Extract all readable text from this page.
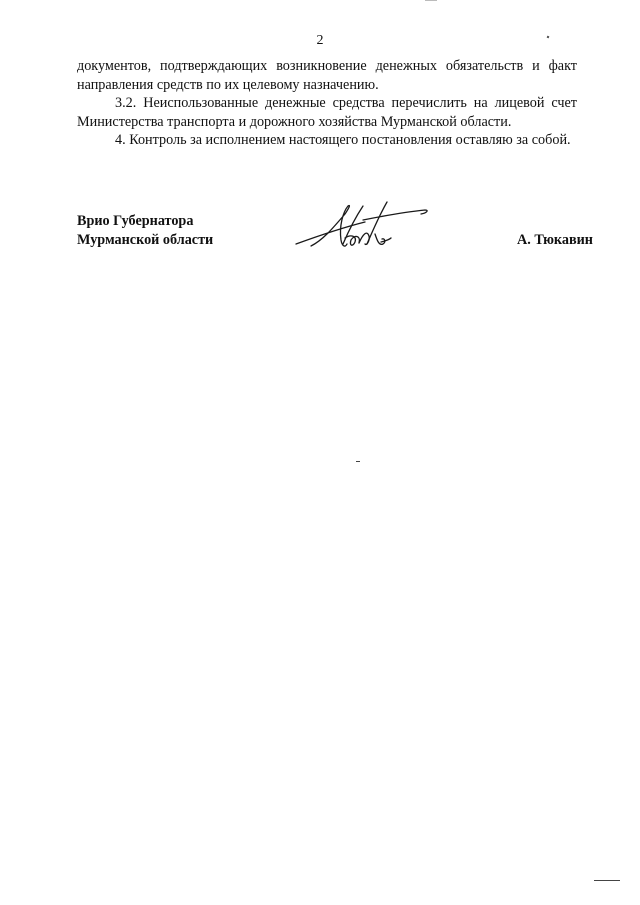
2

документов, подтверждающих возникновение денежных обязательств и факт направления средств по их целевому назначению.

3.2. Неиспользованные денежные средства перечислить на лицевой счет Министерства транспорта и дорожного хозяйства Мурманской области.

4. Контроль за исполнением настоящего постановления оставляю за собой.

Врио Губернатора
Мурманской области	А. Тюкавин
